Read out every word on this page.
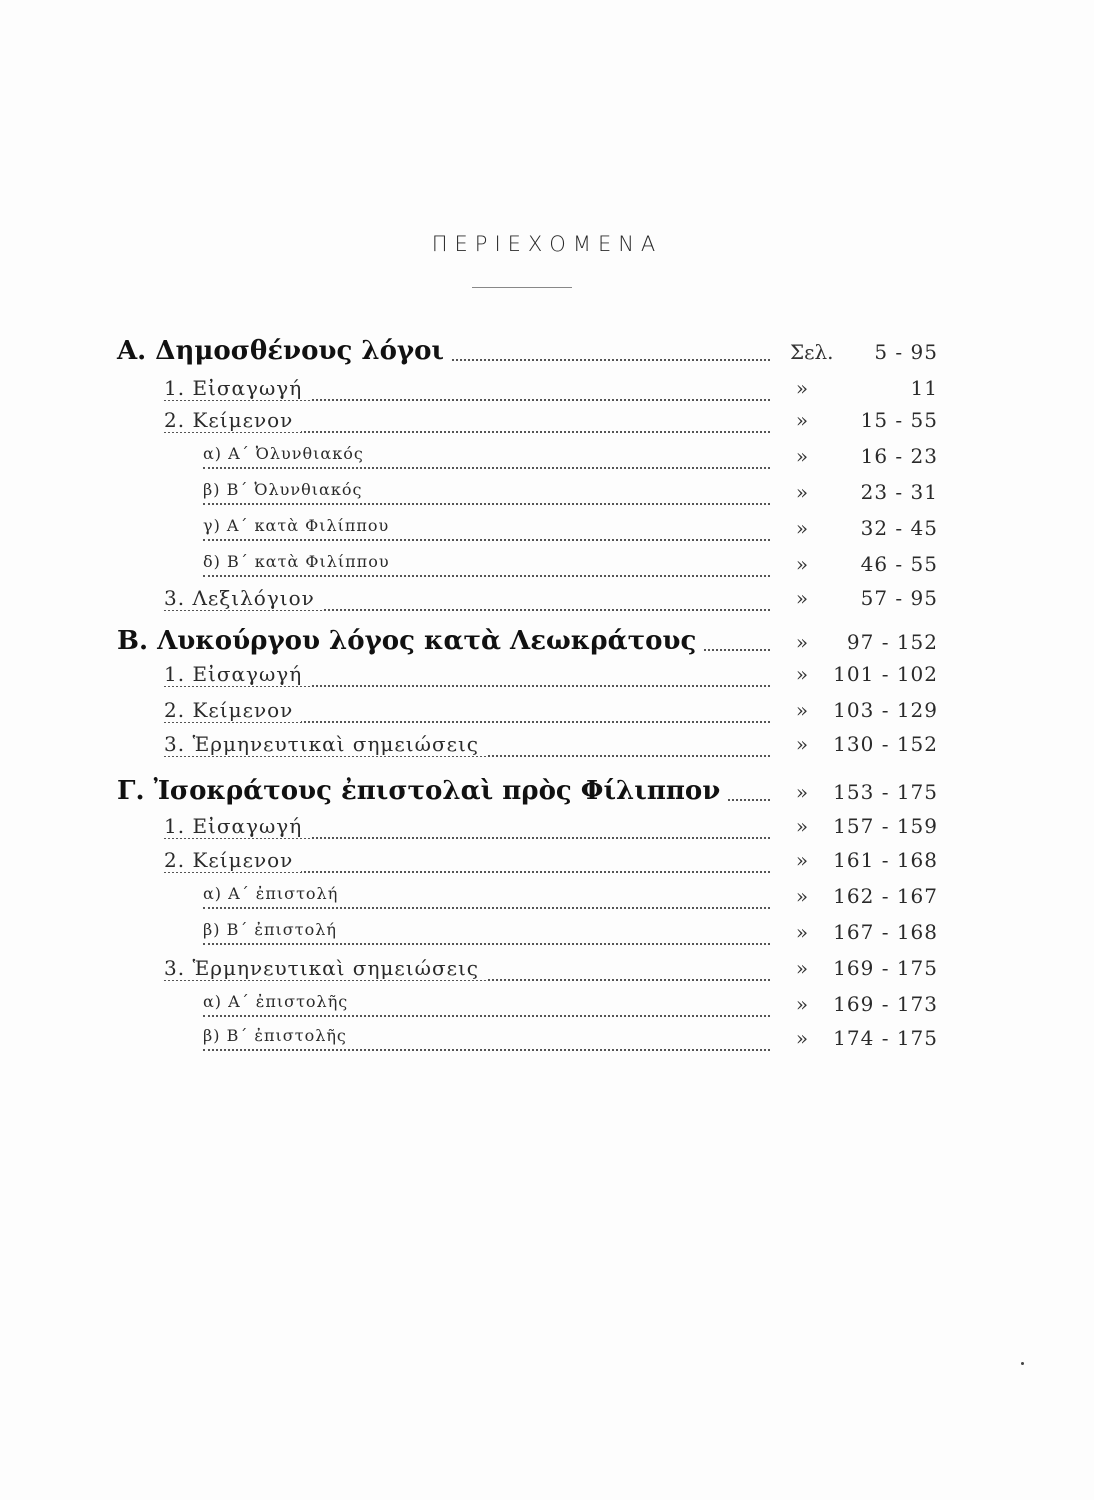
ΠΕΡΙΕΧΟΜΕΝΑ
Α. Δημοσθένους λόγοι	Σελ. 5 - 95
1. Εἰσαγωγή	»	11
2. Κείμενον	»	15 - 55
α) Α΄ Ὀλυνθιακός	»	16 - 23
β) Β΄ Ὀλυνθιακός	»	23 - 31
γ) Α΄ κατὰ Φιλίππου	»	32 - 45
δ) Β΄ κατὰ Φιλίππου	»	46 - 55
3. Λεξιλόγιον	»	57 - 95
Β. Λυκούργου λόγος κατὰ Λεωκράτους	» 97 - 152
1. Εἰσαγωγή	» 101 - 102
2. Κείμενον	» 103 - 129
3. Ἑρμηνευτικαὶ σημειώσεις	» 130 - 152
Γ. Ἰσοκράτους ἐπιστολαὶ πρὸς Φίλιππον	» 153 - 175
1. Εἰσαγωγή	» 157 - 159
2. Κείμενον	» 161 - 168
α) Α΄ ἐπιστολή	» 162 - 167
β) Β΄ ἐπιστολή	» 167 - 168
3. Ἑρμηνευτικαὶ σημειώσεις	» 169 - 175
α) Α΄ ἐπιστολῆς	» 169 - 173
β) Β΄ ἐπιστολῆς	» 174 - 175
